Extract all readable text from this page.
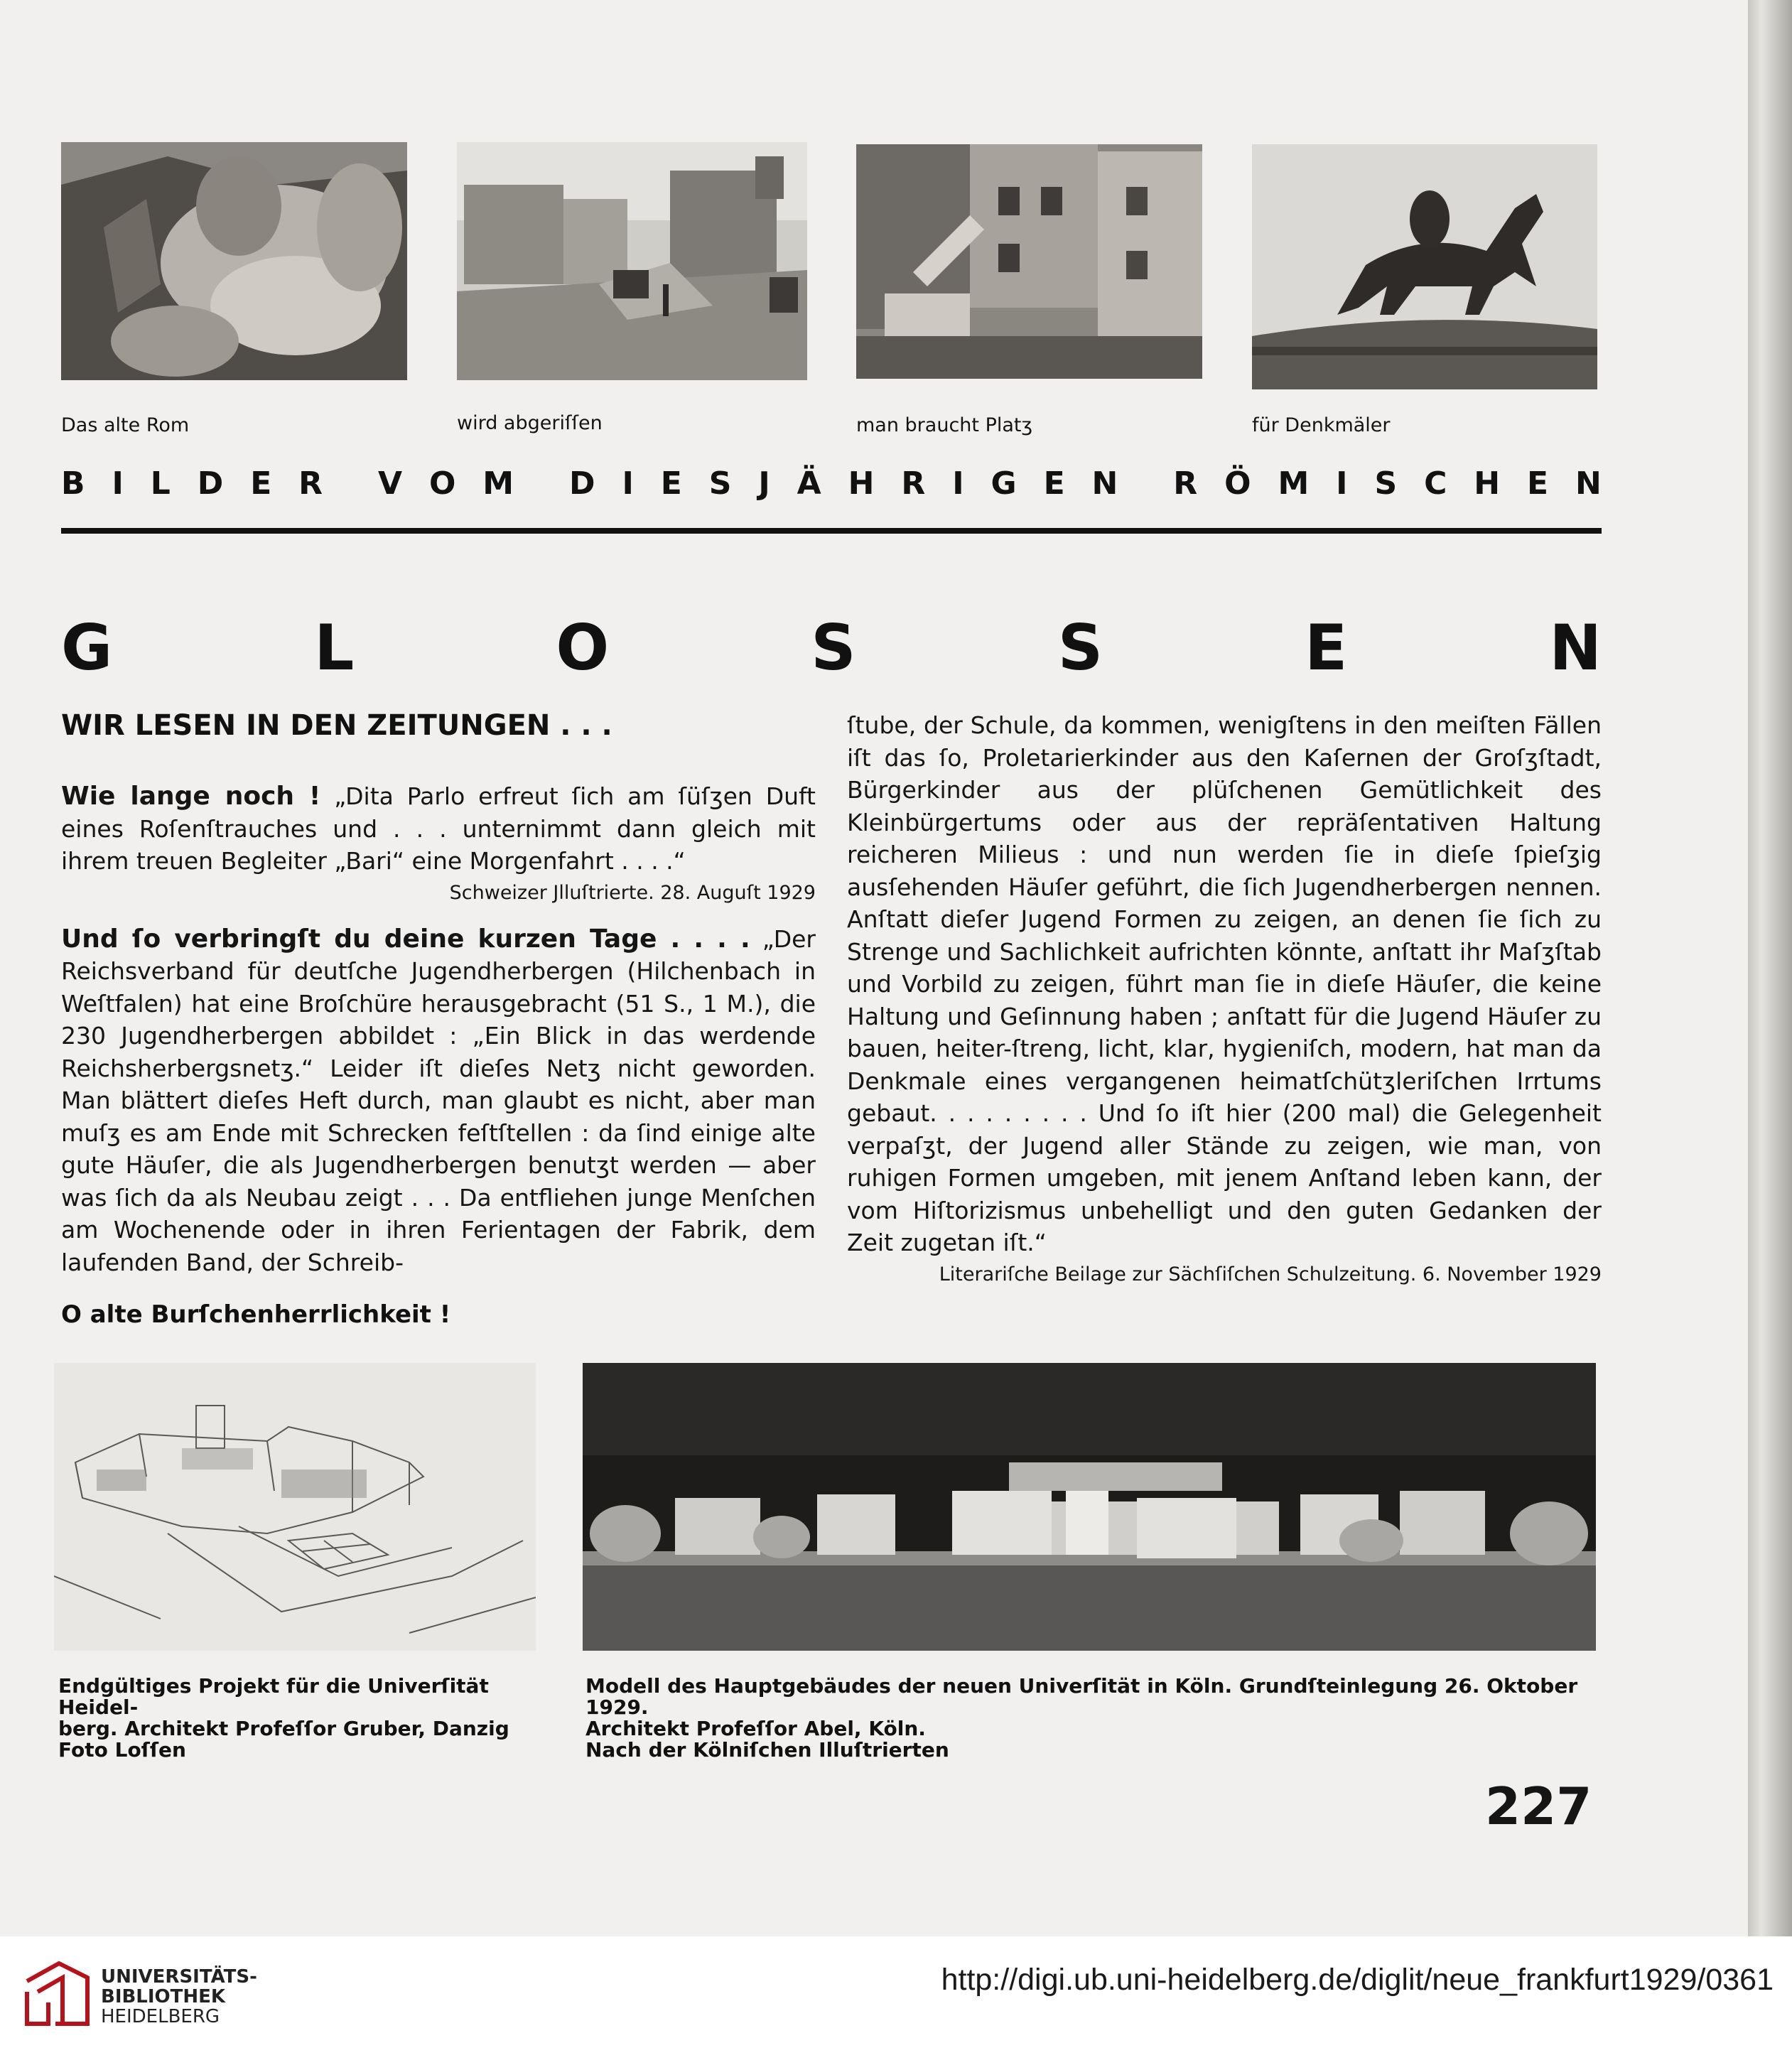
Das alte Rom	wird abgeriſſen	man braucht Platʒ	für Denkmäler
B I L D E R V O M D I E S J Ä H R I G E N R Ö M I S C H E N
G	L	O	S	S	E	N
WIR LESEN IN DEN ZEITUNGEN . . .

Wie lange noch ! „Dita Parlo erfreut ſich am ſüſʒen Duft eines Roſenſtrauches und . . . unternimmt dann gleich mit ihrem treuen Begleiter „Bari“ eine Morgenfahrt . . . .“

Schweizer Jlluſtrierte. 28. Auguſt 1929

Und ſo verbringſt du deine kurzen Tage . . . . „Der Reichsverband für deutſche Jugendherbergen (Hilchenbach in Weſtfalen) hat eine Broſchüre herausgebracht (51 S., 1 M.), die 230 Jugendherbergen abbildet : „Ein Blick in das werdende Reichsherbergsnetʒ.“ Leider iſt dieſes Netʒ nicht geworden. Man blättert dieſes Heft durch, man glaubt es nicht, aber man muſʒ es am Ende mit Schrecken feſtſtellen : da ſind einige alte gute Häuſer, die als Jugendherbergen benutʒt werden — aber was ſich da als Neubau zeigt . . . Da entfliehen junge Menſchen am Wochenende oder in ihren Ferientagen der Fabrik, dem laufenden Band, der Schreib-

ſtube, der Schule, da kommen, wenigſtens in den meiſten Fällen iſt das ſo, Proletarierkinder aus den Kaſernen der Groſʒſtadt, Bürgerkinder aus der plüſchenen Gemütlichkeit des Kleinbürgertums oder aus der repräſentativen Haltung reicheren Milieus : und nun werden ſie in dieſe ſpieſʒig ausſehenden Häuſer geführt, die ſich Jugendherbergen nennen. Anſtatt dieſer Jugend Formen zu zeigen, an denen ſie ſich zu Strenge und Sachlichkeit aufrichten könnte, anſtatt ihr Maſʒſtab und Vorbild zu zeigen, führt man ſie in dieſe Häuſer, die keine Haltung und Geſinnung haben ; anſtatt für die Jugend Häuſer zu bauen, heiter-ſtreng, licht, klar, hygieniſch, modern, hat man da Denkmale eines vergangenen heimatſchütʒleriſchen Irrtums gebaut. . . . . . . . . Und ſo iſt hier (200 mal) die Gelegenheit verpaſʒt, der Jugend aller Stände zu zeigen, wie man, von ruhigen Formen umgeben, mit jenem Anſtand leben kann, der vom Hiſtorizismus unbehelligt und den guten Gedanken der Zeit zugetan iſt.“

Literariſche Beilage zur Sächſiſchen Schulzeitung. 6. November 1929
O alte Burſchenherrlichkeit !
Endgültiges Projekt für die Univerſität Heidel-
berg. Architekt Profeſſor Gruber, Danzig
Foto Loſſen
Modell des Hauptgebäudes der neuen Univerſität in Köln. Grundſteinlegung 26. Oktober 1929.
Architekt Profeſſor Abel, Köln.
Nach der Kölniſchen Illuſtrierten
227
UNIVERSITÄTS-
BIBLIOTHEK
HEIDELBERG
http://digi.ub.uni-heidelberg.de/diglit/neue_frankfurt1929/0361
